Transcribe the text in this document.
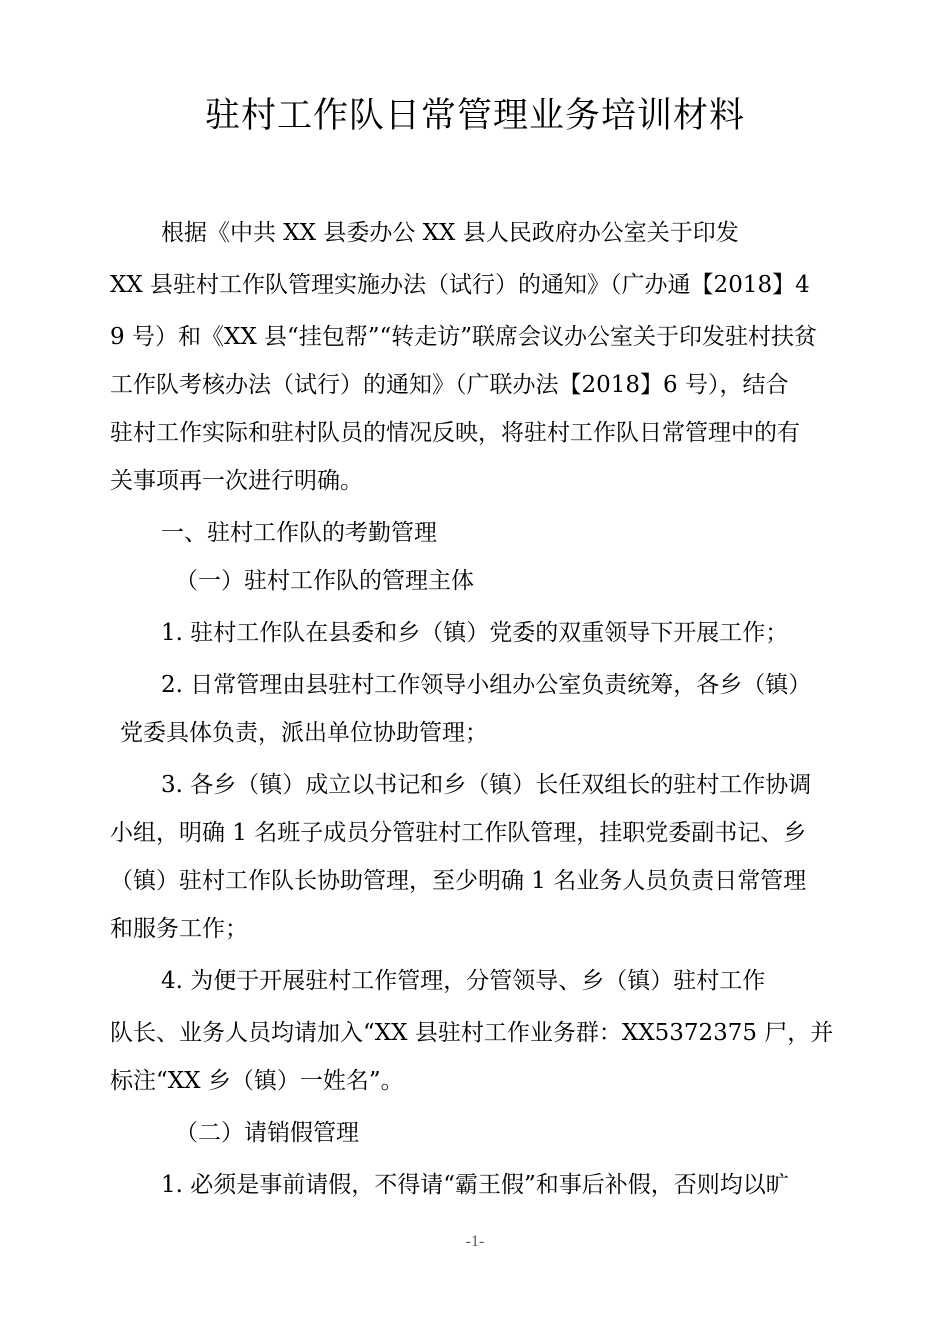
驻村工作队日常管理业务培训材料
根据《中共 XX 县委办公 XX 县人民政府办公室关于印发
XX 县驻村工作队管理实施办法（试行）的通知》（广办通【2018】4
9 号）和《XX 县“挂包帮”“转走访”联席会议办公室关于印发驻村扶贫
工作队考核办法（试行）的通知》（广联办法【2018】6 号），结合
驻村工作实际和驻村队员的情况反映，将驻村工作队日常管理中的有
关事项再一次进行明确。
一、驻村工作队的考勤管理
（一）驻村工作队的管理主体
1. 驻村工作队在县委和乡（镇）党委的双重领导下开展工作；
2. 日常管理由县驻村工作领导小组办公室负责统筹，各乡（镇）
党委具体负责，派出单位协助管理；
3. 各乡（镇）成立以书记和乡（镇）长任双组长的驻村工作协调
小组，明确 1 名班子成员分管驻村工作队管理，挂职党委副书记、乡
（镇）驻村工作队长协助管理，至少明确 1 名业务人员负责日常管理
和服务工作；
4. 为便于开展驻村工作管理，分管领导、乡（镇）驻村工作
队长、业务人员均请加入“XX 县驻村工作业务群：XX5372375 尸，并
标注“XX 乡（镇）一姓名”。
（二）请销假管理
1. 必须是事前请假，不得请“霸王假”和事后补假，否则均以旷
-1-
